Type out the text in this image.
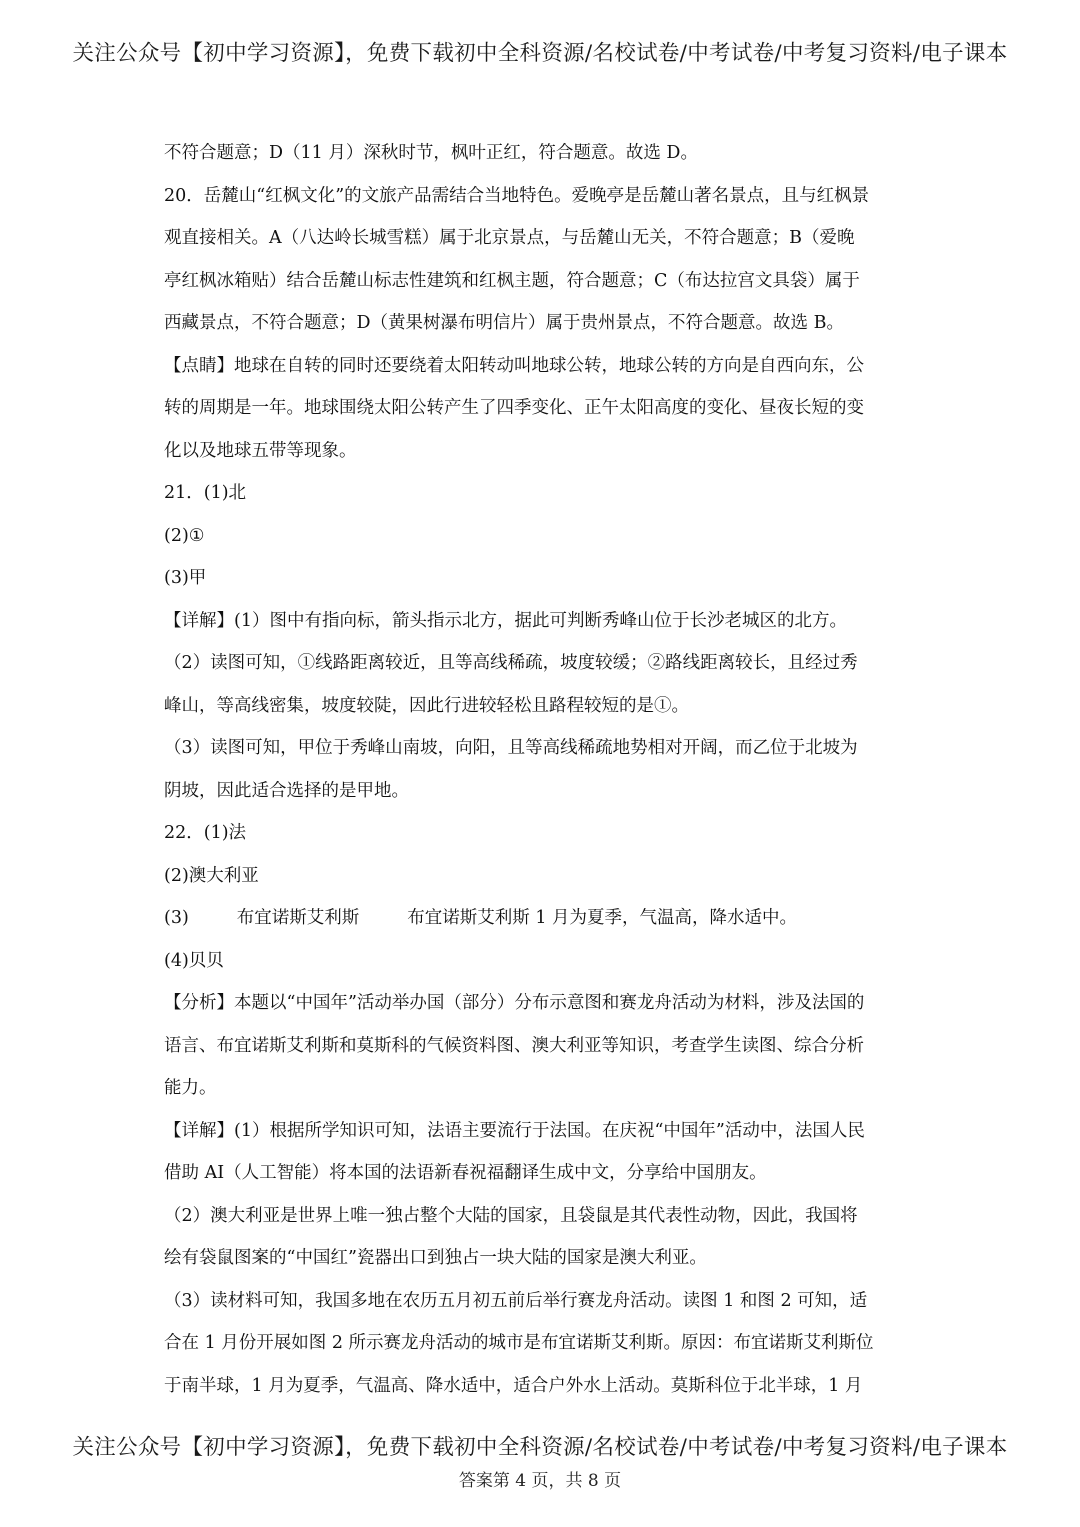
关注公众号【初中学习资源】，免费下载初中全科资源/名校试卷/中考试卷/中考复习资料/电子课本
不符合题意；D（11 月）深秋时节，枫叶正红，符合题意。故选 D。
20．岳麓山“红枫文化”的文旅产品需结合当地特色。爱晚亭是岳麓山著名景点，且与红枫景
观直接相关。A（八达岭长城雪糕）属于北京景点，与岳麓山无关，不符合题意；B（爱晚
亭红枫冰箱贴）结合岳麓山标志性建筑和红枫主题，符合题意；C（布达拉宫文具袋）属于
西藏景点，不符合题意；D（黄果树瀑布明信片）属于贵州景点，不符合题意。故选 B。
【点睛】地球在自转的同时还要绕着太阳转动叫地球公转，地球公转的方向是自西向东，公
转的周期是一年。地球围绕太阳公转产生了四季变化、正午太阳高度的变化、昼夜长短的变
化以及地球五带等现象。
21．(1)北
(2)①
(3)甲
【详解】(1）图中有指向标，箭头指示北方，据此可判断秀峰山位于长沙老城区的北方。
（2）读图可知，①线路距离较近，且等高线稀疏，坡度较缓；②路线距离较长，且经过秀
峰山，等高线密集，坡度较陡，因此行进较轻松且路程较短的是①。
（3）读图可知，甲位于秀峰山南坡，向阳，且等高线稀疏地势相对开阔，而乙位于北坡为
阴坡，因此适合选择的是甲地。
22．(1)法
(2)澳大利亚
(3)	布宜诺斯艾利斯	布宜诺斯艾利斯 1 月为夏季，气温高，降水适中。
(4)贝贝
【分析】本题以“中国年”活动举办国（部分）分布示意图和赛龙舟活动为材料，涉及法国的
语言、布宜诺斯艾利斯和莫斯科的气候资料图、澳大利亚等知识，考查学生读图、综合分析
能力。
【详解】(1）根据所学知识可知，法语主要流行于法国。在庆祝“中国年”活动中，法国人民
借助 AI（人工智能）将本国的法语新春祝福翻译生成中文，分享给中国朋友。
（2）澳大利亚是世界上唯一独占整个大陆的国家，且袋鼠是其代表性动物，因此，我国将
绘有袋鼠图案的“中国红”瓷器出口到独占一块大陆的国家是澳大利亚。
（3）读材料可知，我国多地在农历五月初五前后举行赛龙舟活动。读图 1 和图 2 可知，适
合在 1 月份开展如图 2 所示赛龙舟活动的城市是布宜诺斯艾利斯。原因：布宜诺斯艾利斯位
于南半球，1 月为夏季，气温高、降水适中，适合户外水上活动。莫斯科位于北半球，1 月
关注公众号【初中学习资源】，免费下载初中全科资源/名校试卷/中考试卷/中考复习资料/电子课本
答案第 4 页，共 8 页
